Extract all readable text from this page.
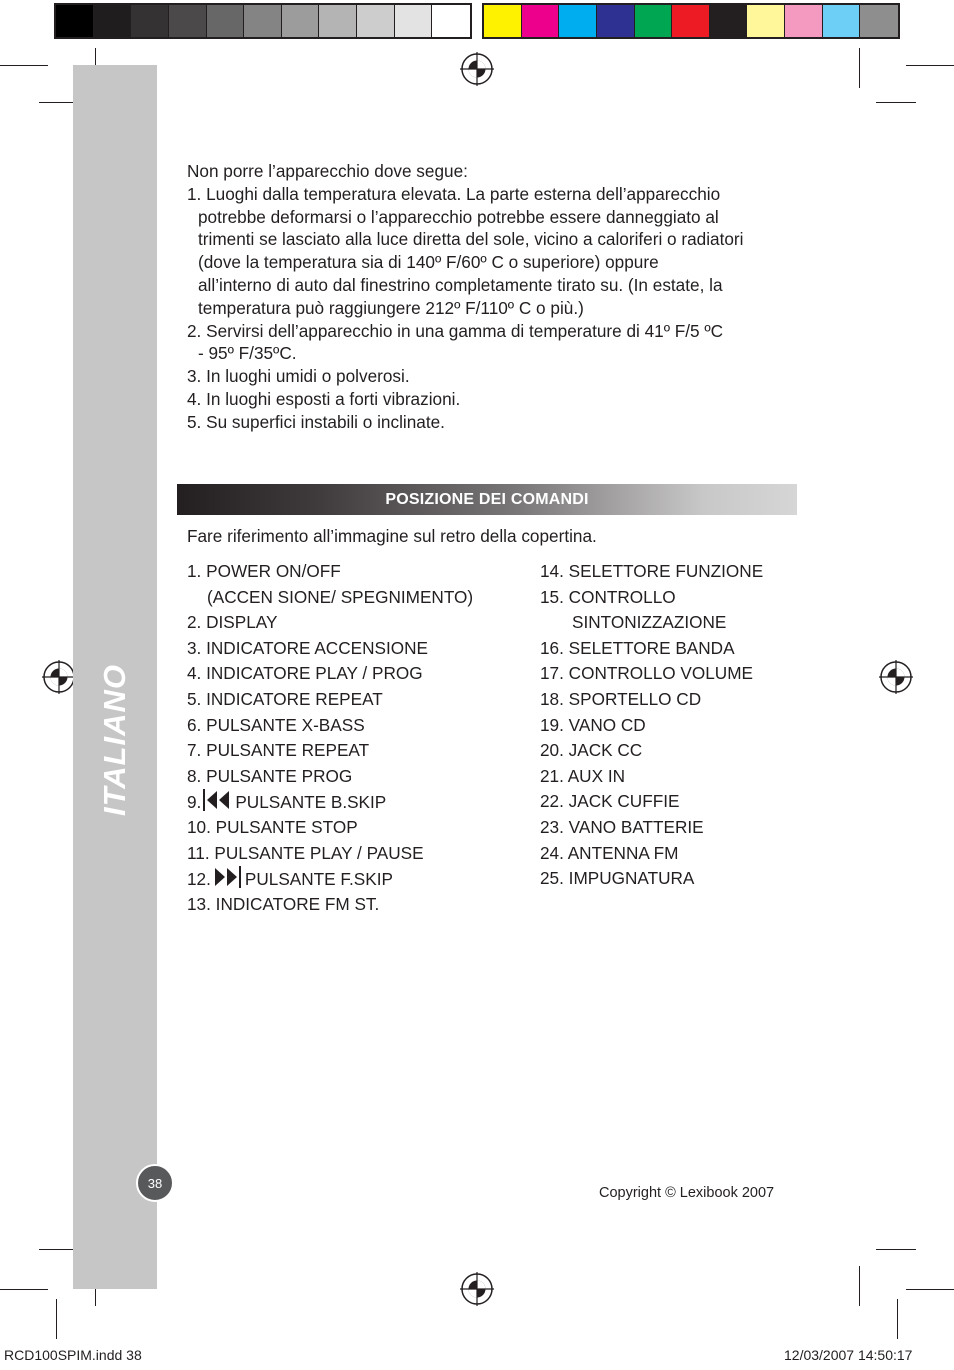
ITALIANO
38

Non porre l’apparecchio dove segue:

1. Luoghi dalla temperatura elevata. La parte esterna dell’apparecchio

potrebbe deformarsi o l’apparecchio potrebbe essere danneggiato al

trimenti se lasciato alla luce diretta del sole, vicino a caloriferi o radiatori

(dove la temperatura sia di 140º F/60º C o superiore) oppure

all’interno di auto dal finestrino completamente tirato su. (In estate, la

temperatura può raggiungere 212º F/110º C o più.)

2. Servirsi dell’apparecchio in una gamma di temperature di 41º F/5 ºC

- 95º F/35ºC.

3. In luoghi umidi o polverosi.

4. In luoghi esposti a forti vibrazioni.

5. Su superfici instabili o inclinate.

POSIZIONE DEI COMANDI
Fare riferimento all’immagine sul retro della copertina.
1. POWER ON/OFF
(ACCEN SIONE/ SPEGNIMENTO)
2. DISPLAY
3. INDICATORE ACCENSIONE
4. INDICATORE PLAY / PROG
5. INDICATORE REPEAT
6. PULSANTE X-BASS
7. PULSANTE REPEAT
8. PULSANTE PROG
9. PULSANTE B.SKIP
10. PULSANTE STOP
11. PULSANTE PLAY / PAUSE
12. PULSANTE F.SKIP
13. INDICATORE FM ST.
14. SELETTORE FUNZIONE
15. CONTROLLO
SINTONIZZAZIONE
16. SELETTORE BANDA
17. CONTROLLO VOLUME
18. SPORTELLO CD
19. VANO CD
20. JACK CC
21. AUX IN
22. JACK CUFFIE
23. VANO BATTERIE
24. ANTENNA FM
25. IMPUGNATURA
Copyright © Lexibook 2007
RCD100SPIM.indd 38	12/03/2007 14:50:17
